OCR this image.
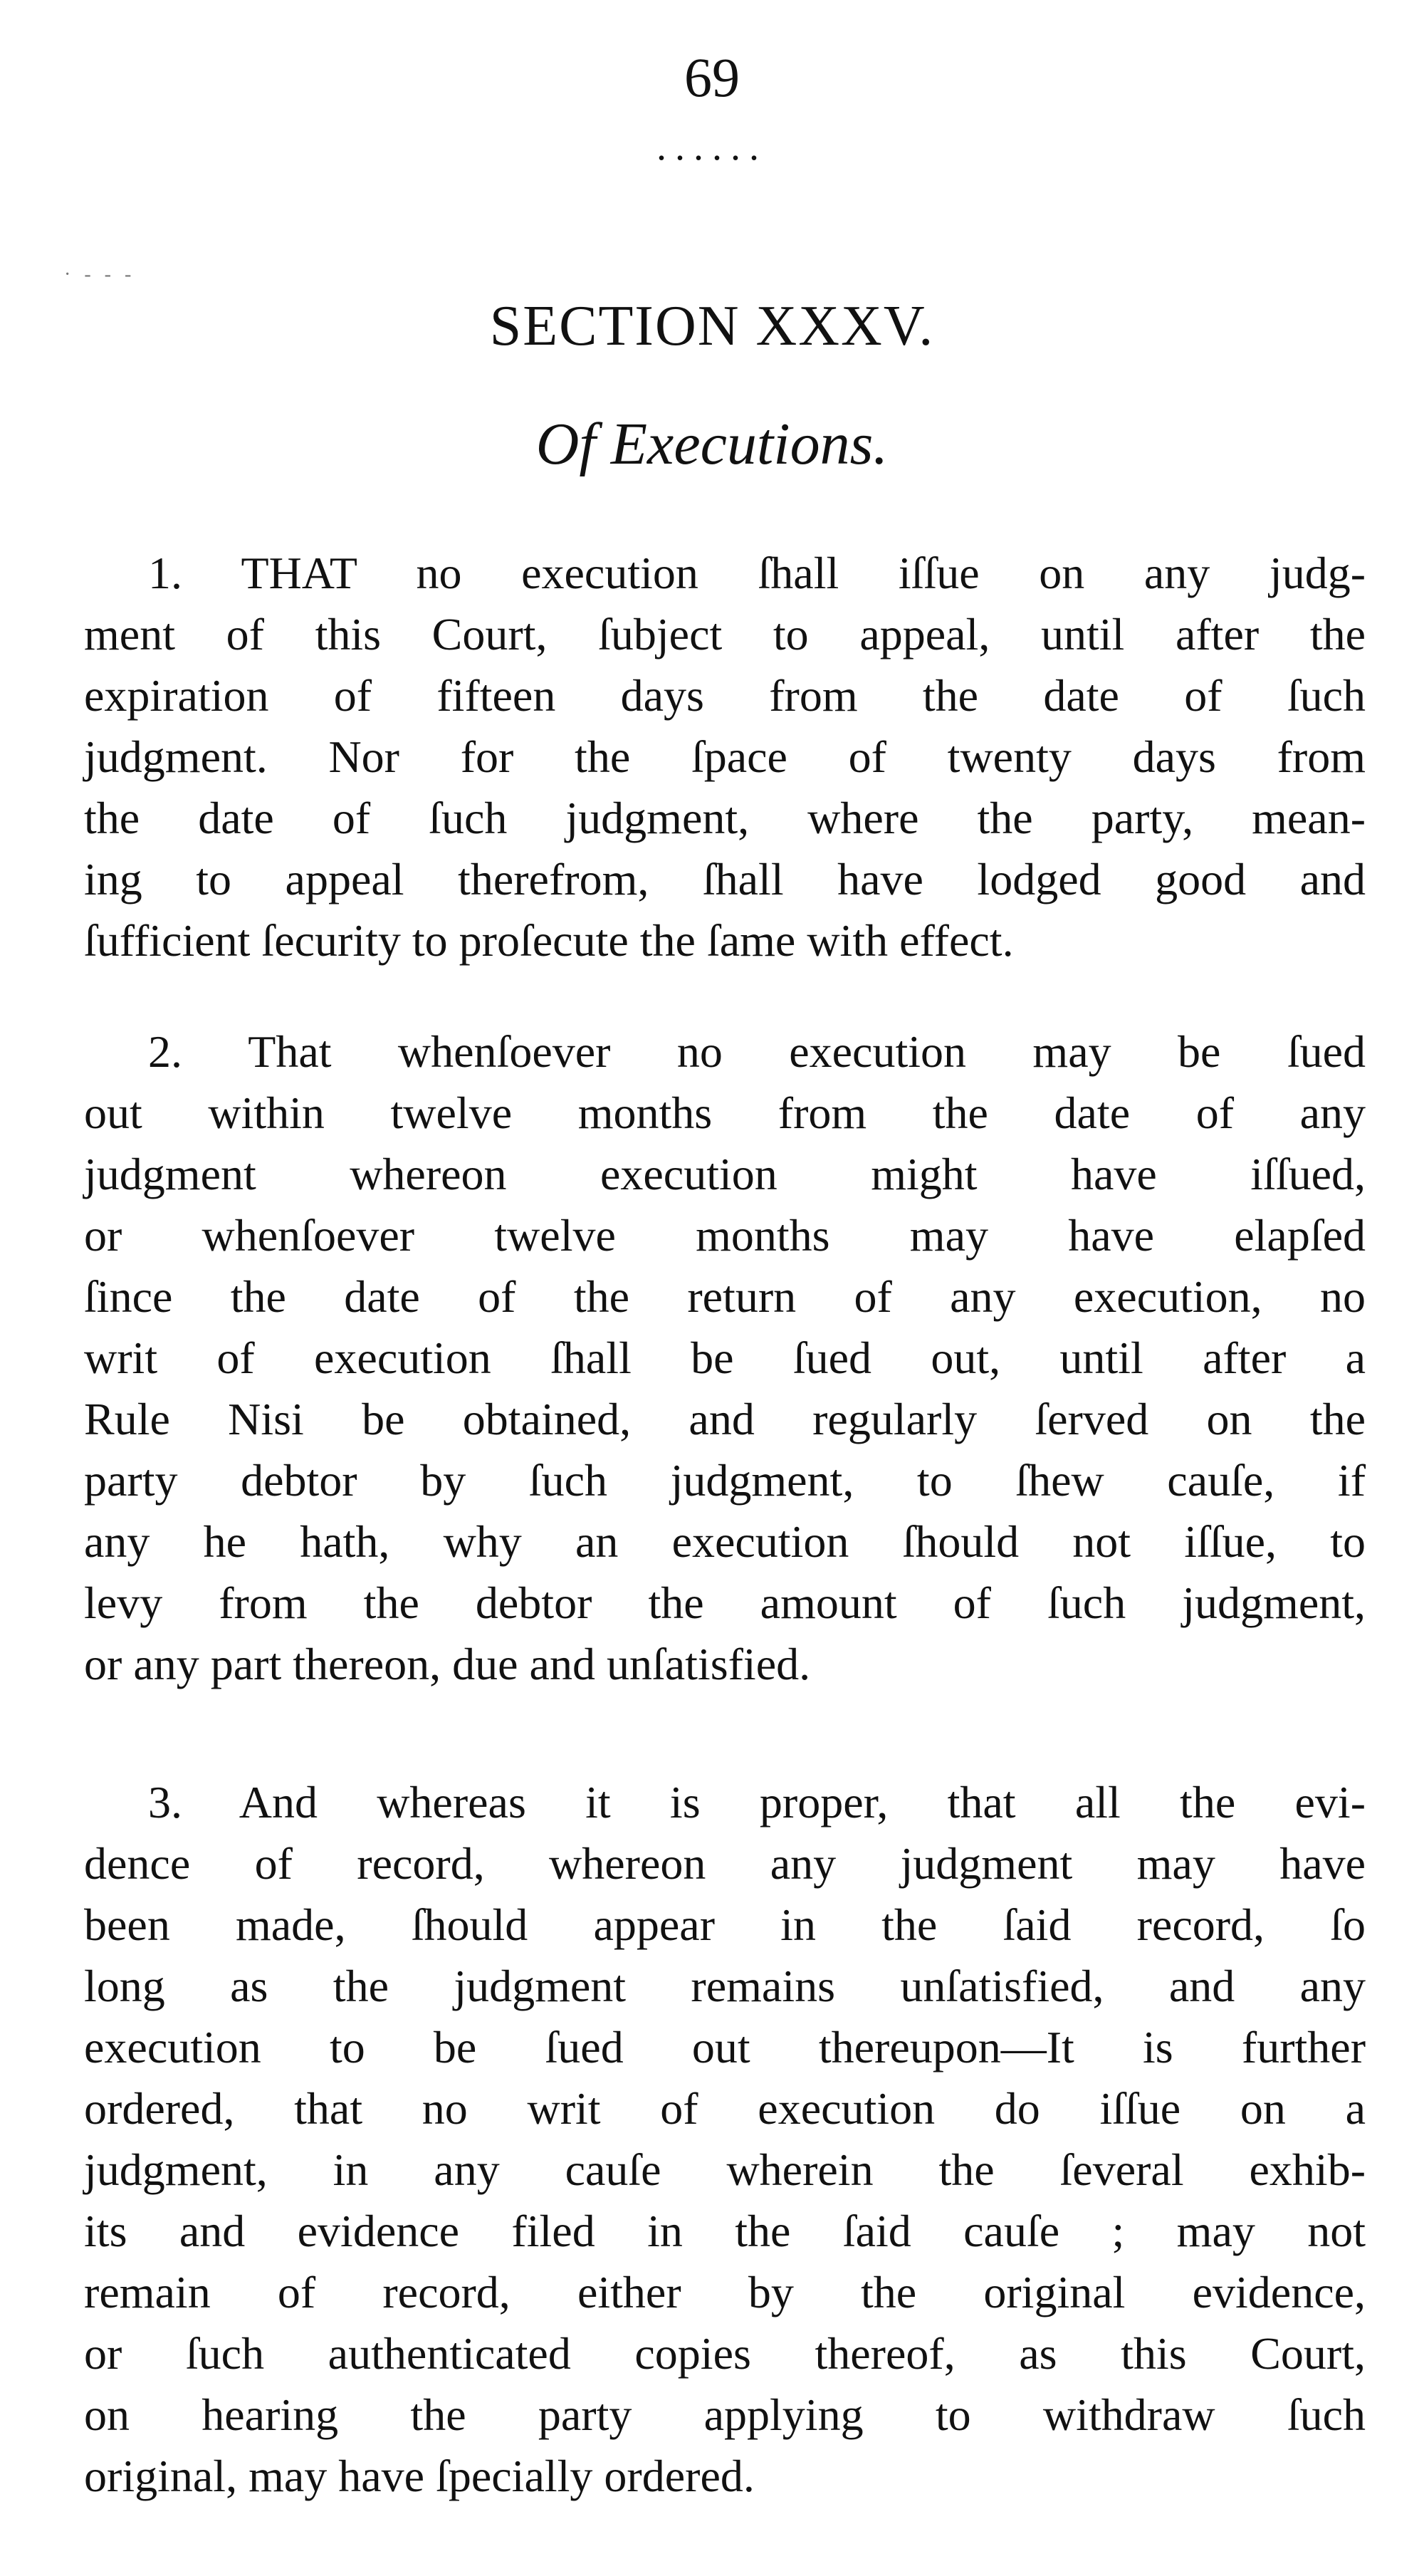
· - - -
69
......
SECTION XXXV.
Of Executions.
1. THAT no execution ſhall iſſue on any judg-
ment of this Court, ſubject to appeal, until after the
expiration of fifteen days from the date of ſuch
judgment. Nor for the ſpace of twenty days from
the date of ſuch judgment, where the party, mean-
ing to appeal therefrom, ſhall have lodged good and
ſufficient ſecurity to proſecute the ſame with effect.
2. That whenſoever no execution may be ſued
out within twelve months from the date of any
judgment whereon execution might have iſſued,
or whenſoever twelve months may have elapſed
ſince the date of the return of any execution, no
writ of execution ſhall be ſued out, until after a
Rule Nisi be obtained, and regularly ſerved on the
party debtor by ſuch judgment, to ſhew cauſe, if
any he hath, why an execution ſhould not iſſue, to
levy from the debtor the amount of ſuch judgment,
or any part thereon, due and unſatisfied.
3. And whereas it is proper, that all the evi-
dence of record, whereon any judgment may have
been made, ſhould appear in the ſaid record, ſo
long as the judgment remains unſatisfied, and any
execution to be ſued out thereupon—It is further
ordered, that no writ of execution do iſſue on a
judgment, in any cauſe wherein the ſeveral exhib-
its and evidence filed in the ſaid cauſe ; may not
remain of record, either by the original evidence,
or ſuch authenticated copies thereof, as this Court,
on hearing the party applying to withdraw ſuch
original, may have ſpecially ordered.
